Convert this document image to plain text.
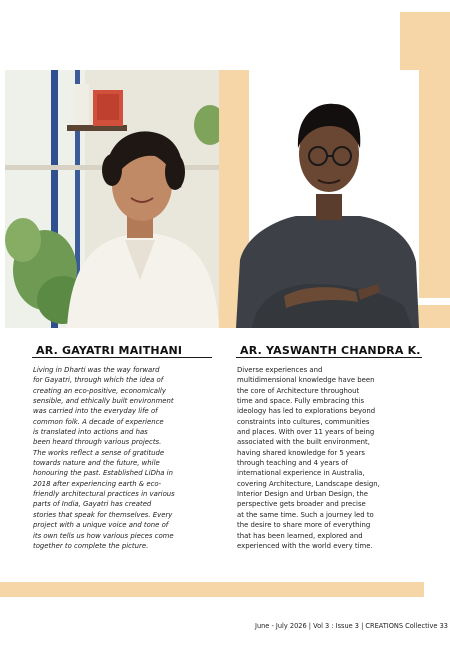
AR. GAYATRI MAITHANI	AR. YASWANTH CHANDRA K.

Living in Dharti was the way forward
for Gayatri, through which the idea of
creating an eco-positive, economically
sensible, and ethically built environment
was carried into the everyday life of
common folk. A decade of experience
is translated into actions and has
been heard through various projects.
The works reflect a sense of gratitude
towards nature and the future, while
honouring the past. Established LiDha in
2018 after experiencing earth & eco-
friendly architectural practices in various
parts of India, Gayatri has created
stories that speak for themselves. Every
project with a unique voice and tone of
its own tells us how various pieces come
together to complete the picture.

Diverse experiences and
multidimensional knowledge have been
the core of Architecture throughout
time and space. Fully embracing this
ideology has led to explorations beyond
constraints into cultures, communities
and places. With over 11 years of being
associated with the built environment,
having shared knowledge for 5 years
through teaching and 4 years of
international experience in Australia,
covering Architecture, Landscape design,
Interior Design and Urban Design, the
perspective gets broader and precise
at the same time. Such a journey led to
the desire to share more of everything
that has been learned, explored and
experienced with the world every time.

June - July 2026 | Vol 3 : Issue 3 | CREATIONS Collective 33
